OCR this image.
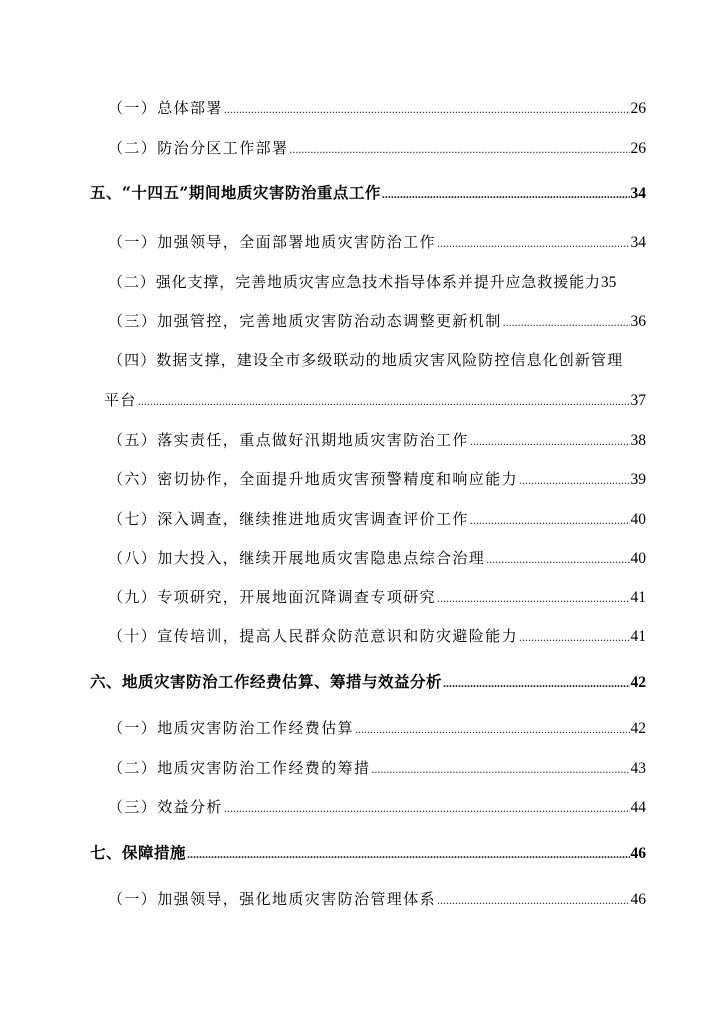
（一）总体部署 .....	26
（二）防治分区工作部署 .....	26
五、“十四五”期间地质灾害防治重点工作 .....	34
（一）加强领导，全面部署地质灾害防治工作 .....	34
（二）强化支撑，完善地质灾害应急技术指导体系并提升应急救援能力 35
（三）加强管控，完善地质灾害防治动态调整更新机制 .....	36
（四）数据支撑，建设全市多级联动的地质灾害风险防控信息化创新管理
平台 .....	37
（五）落实责任，重点做好汛期地质灾害防治工作 .....	38
（六）密切协作，全面提升地质灾害预警精度和响应能力 .....	39
（七）深入调查，继续推进地质灾害调查评价工作 .....	40
（八）加大投入，继续开展地质灾害隐患点综合治理 .....	40
（九）专项研究，开展地面沉降调查专项研究 .....	41
（十）宣传培训，提高人民群众防范意识和防灾避险能力 .....	41
六、地质灾害防治工作经费估算、筹措与效益分析 .....	42
（一）地质灾害防治工作经费估算 .....	42
（二）地质灾害防治工作经费的筹措 .....	43
（三）效益分析 .....	44
七、保障措施 .....	46
（一）加强领导，强化地质灾害防治管理体系 .....	46
